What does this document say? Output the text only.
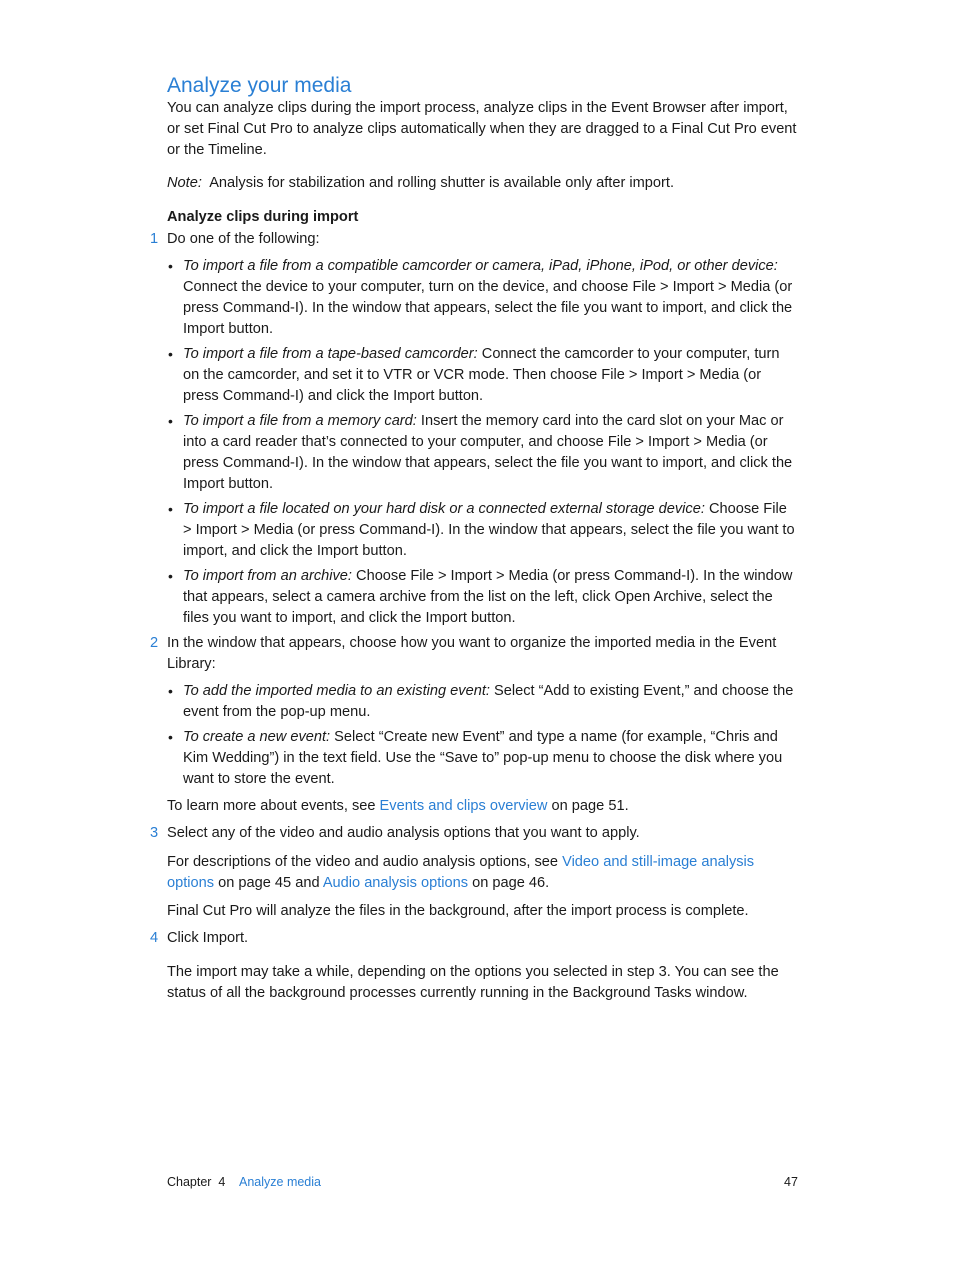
Analyze your media

You can analyze clips during the import process, analyze clips in the Event Browser after import, or set Final Cut Pro to analyze clips automatically when they are dragged to a Final Cut Pro event or the Timeline.

Note: Analysis for stabilization and rolling shutter is available only after import.

Analyze clips during import

1 Do one of the following:

• To import a file from a compatible camcorder or camera, iPad, iPhone, iPod, or other device: Connect the device to your computer, turn on the device, and choose File > Import > Media (or press Command-I). In the window that appears, select the file you want to import, and click the Import button.

• To import a file from a tape-based camcorder: Connect the camcorder to your computer, turn on the camcorder, and set it to VTR or VCR mode. Then choose File > Import > Media (or press Command-I) and click the Import button.

• To import a file from a memory card: Insert the memory card into the card slot on your Mac or into a card reader that’s connected to your computer, and choose File > Import > Media (or press Command-I). In the window that appears, select the file you want to import, and click the Import button.

• To import a file located on your hard disk or a connected external storage device: Choose File > Import > Media (or press Command-I). In the window that appears, select the file you want to import, and click the Import button.

• To import from an archive: Choose File > Import > Media (or press Command-I). In the window that appears, select a camera archive from the list on the left, click Open Archive, select the files you want to import, and click the Import button.

2 In the window that appears, choose how you want to organize the imported media in the Event Library:

• To add the imported media to an existing event: Select “Add to existing Event,” and choose the event from the pop-up menu.

• To create a new event: Select “Create new Event” and type a name (for example, “Chris and Kim Wedding”) in the text field. Use the “Save to” pop-up menu to choose the disk where you want to store the event.

To learn more about events, see Events and clips overview on page 51.

3 Select any of the video and audio analysis options that you want to apply.

For descriptions of the video and audio analysis options, see Video and still-image analysis options on page 45 and Audio analysis options on page 46.

Final Cut Pro will analyze the files in the background, after the import process is complete.

4 Click Import.

The import may take a while, depending on the options you selected in step 3. You can see the status of all the background processes currently running in the Background Tasks window.

Chapter  4 Analyze media	47
